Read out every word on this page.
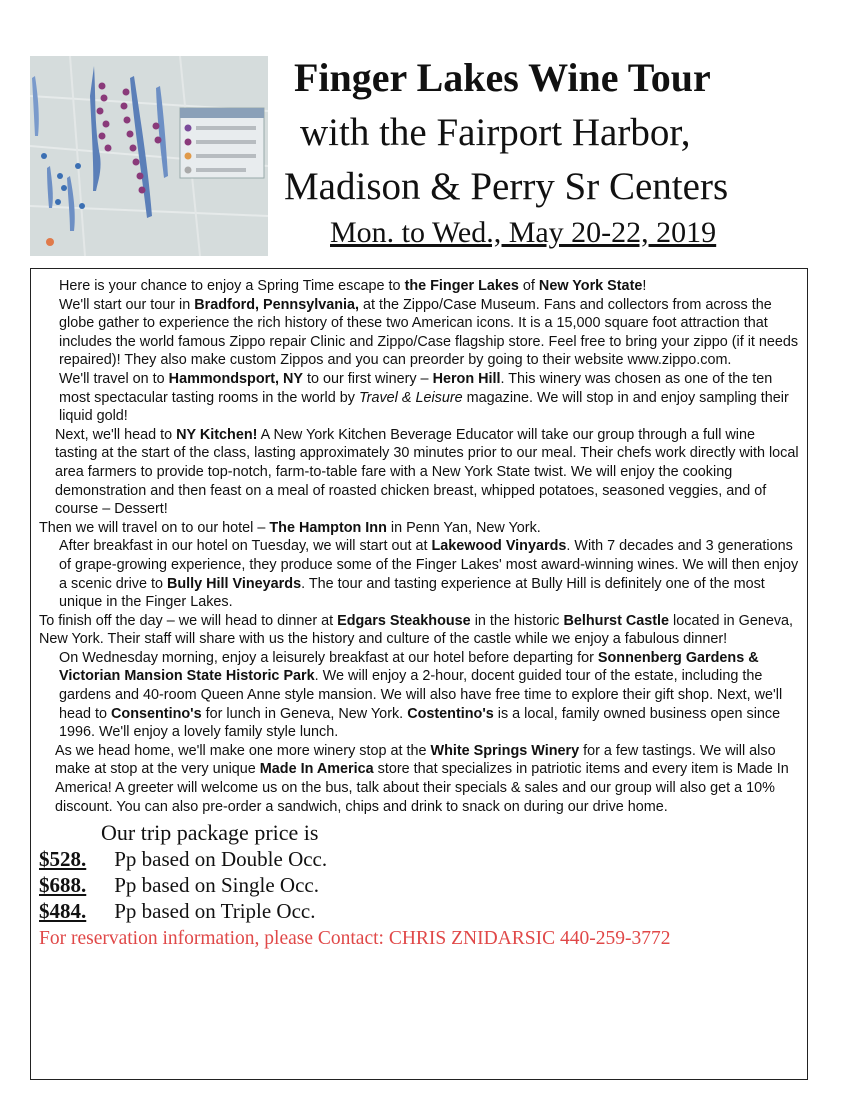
Finger Lakes Wine Tour
with the Fairport Harbor,
Madison & Perry Sr Centers
Mon. to Wed., May 20-22, 2019

Here is your chance to enjoy a Spring Time escape to the Finger Lakes of New York State!

We'll start our tour in Bradford, Pennsylvania, at the Zippo/Case Museum. Fans and collectors from across the globe gather to experience the rich history of these two American icons. It is a 15,000 square foot attraction that includes the world famous Zippo repair Clinic and Zippo/Case flagship store. Feel free to bring your zippo (if it needs repaired)! They also make custom Zippos and you can preorder by going to their website www.zippo.com.

We'll travel on to Hammondsport, NY to our first winery – Heron Hill. This winery was chosen as one of the ten most spectacular tasting rooms in the world by Travel & Leisure magazine. We will stop in and enjoy sampling their liquid gold!

Next, we'll head to NY Kitchen! A New York Kitchen Beverage Educator will take our group through a full wine tasting at the start of the class, lasting approximately 30 minutes prior to our meal. Their chefs work directly with local area farmers to provide top-notch, farm-to-table fare with a New York State twist. We will enjoy the cooking demonstration and then feast on a meal of roasted chicken breast, whipped potatoes, seasoned veggies, and of course – Dessert!

Then we will travel on to our hotel – The Hampton Inn in Penn Yan, New York.

After breakfast in our hotel on Tuesday, we will start out at Lakewood Vinyards. With 7 decades and 3 generations of grape-growing experience, they produce some of the Finger Lakes' most award-winning wines. We will then enjoy a scenic drive to Bully Hill Vineyards. The tour and tasting experience at Bully Hill is definitely one of the most unique in the Finger Lakes.

To finish off the day – we will head to dinner at Edgars Steakhouse in the historic Belhurst Castle located in Geneva, New York. Their staff will share with us the history and culture of the castle while we enjoy a fabulous dinner!

On Wednesday morning, enjoy a leisurely breakfast at our hotel before departing for Sonnenberg Gardens & Victorian Mansion State Historic Park. We will enjoy a 2-hour, docent guided tour of the estate, including the gardens and 40-room Queen Anne style mansion. We will also have free time to explore their gift shop. Next, we'll head to Consentino's for lunch in Geneva, New York. Costentino's is a local, family owned business open since 1996. We'll enjoy a lovely family style lunch.

As we head home, we'll make one more winery stop at the White Springs Winery for a few tastings. We will also make at stop at the very unique Made In America store that specializes in patriotic items and every item is Made In America! A greeter will welcome us on the bus, talk about their specials & sales and our group will also get a 10% discount. You can also pre-order a sandwich, chips and drink to snack on during our drive home.

Our trip package price is
$528. Pp based on Double Occ.
$688. Pp based on Single Occ.
$484. Pp based on Triple Occ.
For reservation information, please Contact: CHRIS ZNIDARSIC 440-259-3772
